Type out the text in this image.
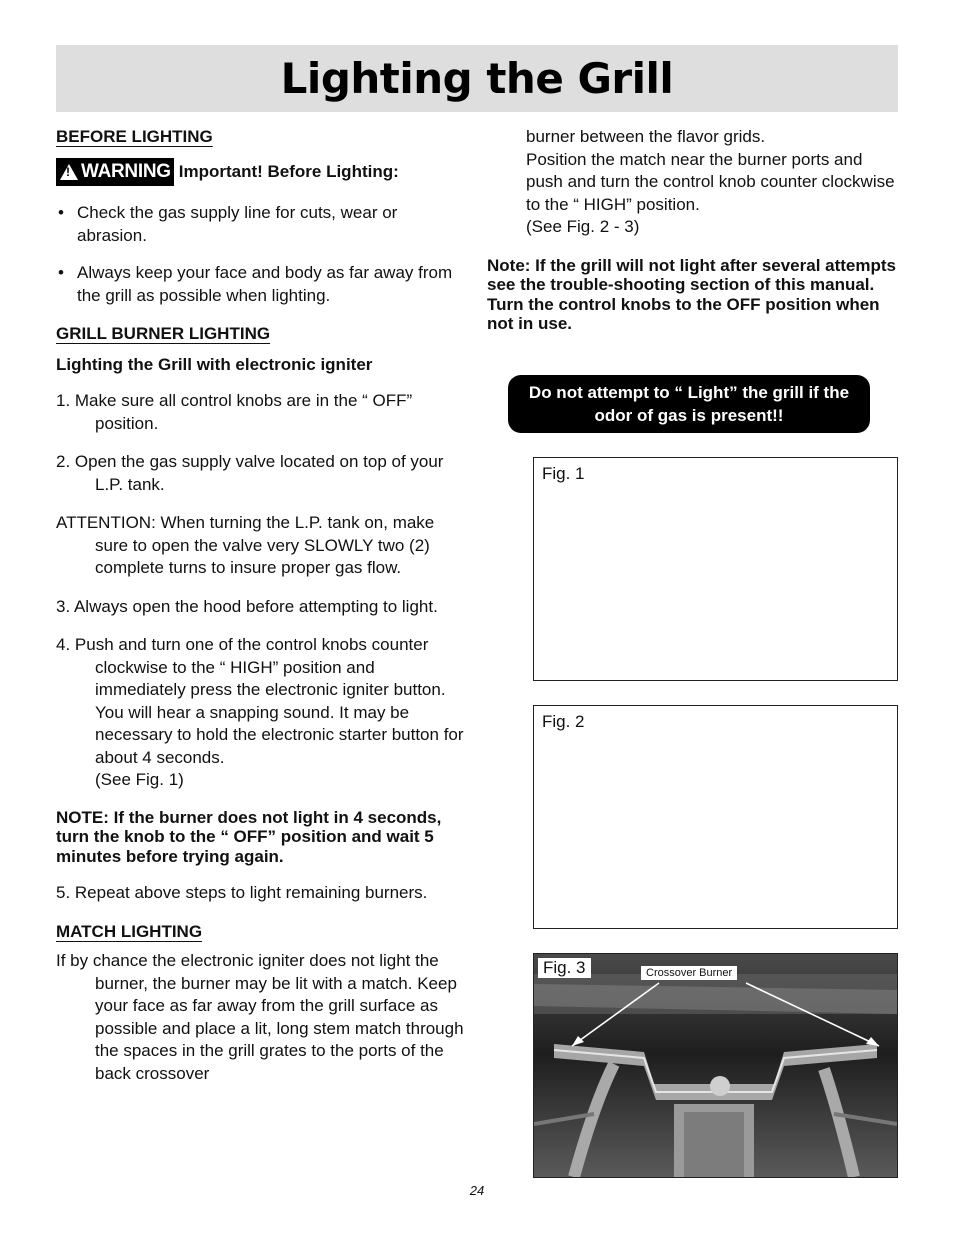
Lighting the Grill

BEFORE LIGHTING

!
WARNING Important! Before Lighting:
• Check the gas supply line for cuts, wear or abrasion.
• Always keep your face and body as far away from the grill as possible when lighting.

GRILL BURNER LIGHTING

Lighting the Grill with electronic igniter

1. Make sure all control knobs are in the “ OFF” position.

2. Open the gas supply valve located on top of your L.P. tank.

ATTENTION: When turning the L.P. tank on, make sure to open the valve very SLOWLY two (2) complete turns to insure proper gas flow.

3. Always open the hood before attempting to light.

4. Push and turn one of the control knobs counter clockwise to the “ HIGH” position and immediately press the electronic igniter button. You will hear a snapping sound. It may be necessary to hold the electronic starter button for about 4 seconds.

(See Fig. 1)

NOTE: If the burner does not light in 4 seconds, turn the knob to the “ OFF” position and wait 5 minutes before trying again.

5. Repeat above steps to light remaining burners.

MATCH LIGHTING

If by chance the electronic igniter does not light the burner, the burner may be lit with a match. Keep your face as far away from the grill surface as possible and place a lit, long stem match through the spaces in the grill grates to the ports of the back crossover

burner between the flavor grids.

Position the match near the burner ports and push and turn the control knob counter clockwise to the “ HIGH” position.

(See Fig. 2 - 3)

Note: If the grill will not light after several attempts see the trouble-shooting section of this manual. Turn the control knobs to the OFF position when not in use.

Do not attempt to “ Light” the grill if the odor of gas is present!!
Fig. 1
Fig. 2
Fig. 3	Crossover Burner
24
